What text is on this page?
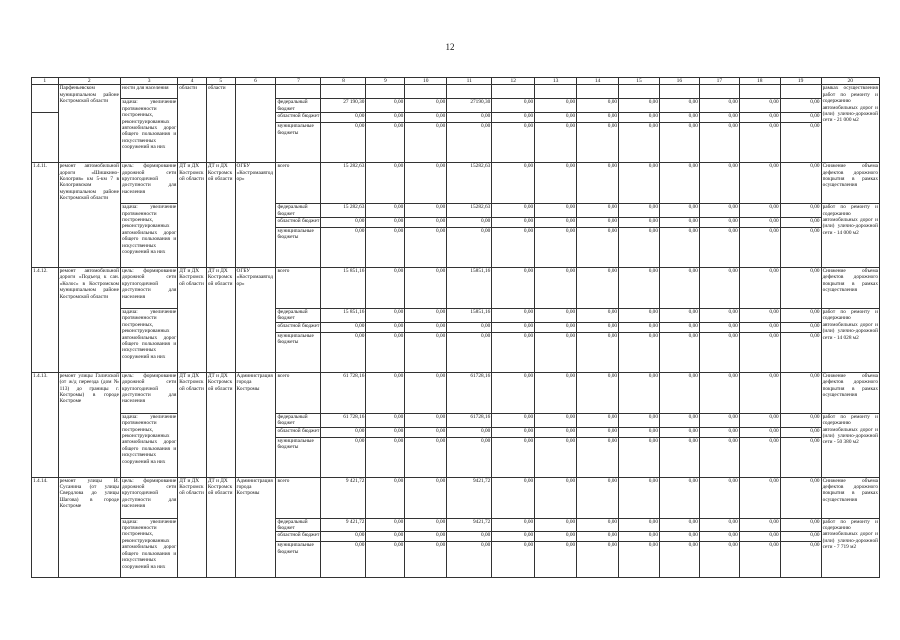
12
1	2	3	4	5	6	7	8	9	10	11	12	13	14	15	16	17	18	19	20
	Парфеньевском муниципальном районе Костромской области	ности для населения	области	области															рамках осуществления работ по ремонту и содержанию автомобильных дорог и (или) улично-дорожной сети - 21 000 м2
		задача: увеличение протяженности построенных, реконструированных автомобильных дорог общего пользования и искусственных сооружений на них				федеральный бюджет	27 190,30	0,00	0,00	27190,30	0,00	0,00	0,00	0,00	0,00	0,00	0,00	0,00	
						областной бюджет	0,00	0,00	0,00	0,00	0,00	0,00	0,00	0,00	0,00	0,00	0,00	0,00	
						муниципальные бюджеты	0,00	0,00	0,00	0,00	0,00	0,00	0,00	0,00	0,00	0,00	0,00	0,00	
1.4.11.	ремонт автомобильной дороги «Шишкино-Кологрив» км 5-км 7 в Кологривском муниципальном районе Костромской области	цель: формирование дорожной сети круглогодичной доступности для населения	ДТ и ДХ Костромской области	ДТ и ДХ Костромской области	ОГБУ «Костромаавтодор»	всего	15 282,63	0,00	0,00	15282,63	0,00	0,00	0,00	0,00	0,00	0,00	0,00	0,00	Снижение объема дефектов дорожного покрытия в рамках осуществления
		задача: увеличение протяженности построенных, реконструированных автомобильных дорог общего пользования и искусственных сооружений на них				федеральный бюджет	15 282,63	0,00	0,00	15282,63	0,00	0,00	0,00	0,00	0,00	0,00	0,00	0,00	работ по ремонту и содержанию автомобильных дорог и (или) улично-дорожной сети - 14 000 м2
						областной бюджет	0,00	0,00	0,00	0,00	0,00	0,00	0,00	0,00	0,00	0,00	0,00	0,00	
						муниципальные бюджеты	0,00	0,00	0,00	0,00	0,00	0,00	0,00	0,00	0,00	0,00	0,00	0,00	
1.4.12.	ремонт автомобильной дороги «Подъезд к сан. «Колос» в Костромском муниципальном районе Костромской области	цель: формирование дорожной сети круглогодичной доступности для населения	ДТ и ДХ Костромской области	ДТ и ДХ Костромской области	ОГБУ «Костромаавтодор»	всего	15 851,16	0,00	0,00	15851,16	0,00	0,00	0,00	0,00	0,00	0,00	0,00	0,00	Снижение объема дефектов дорожного покрытия в рамках осуществления
		задача: увеличение протяженности построенных, реконструированных автомобильных дорог общего пользования и искусственных сооружений на них				федеральный бюджет	15 851,16	0,00	0,00	15851,16	0,00	0,00	0,00	0,00	0,00	0,00	0,00	0,00	работ по ремонту и содержанию автомобильных дорог и (или) улично-дорожной сети - 14 028 м2
						областной бюджет	0,00	0,00	0,00	0,00	0,00	0,00	0,00	0,00	0,00	0,00	0,00	0,00	
						муниципальные бюджеты	0,00	0,00	0,00	0,00	0,00	0,00	0,00	0,00	0,00	0,00	0,00	0,00	
1.4.13.	ремонт улицы Галичской (от ж/д переезда (дом № 113) до границы г. Костромы) в городе Костроме	цель: формирование дорожной сети круглогодичной доступности для населения	ДТ и ДХ Костромской области	ДТ и ДХ Костромской области	Администрация города Костромы	всего	61 728,16	0,00	0,00	61728,16	0,00	0,00	0,00	0,00	0,00	0,00	0,00	0,00	Снижение объема дефектов дорожного покрытия в рамках осуществления
		задача: увеличение протяженности построенных, реконструированных автомобильных дорог общего пользования и искусственных сооружений на них				федеральный бюджет	61 728,16	0,00	0,00	61728,16	0,00	0,00	0,00	0,00	0,00	0,00	0,00	0,00	работ по ремонту и содержанию автомобильных дорог и (или) улично-дорожной сети - 50 380 м2
						областной бюджет	0,00	0,00	0,00	0,00	0,00	0,00	0,00	0,00	0,00	0,00	0,00	0,00	
						муниципальные бюджеты	0,00	0,00	0,00	0,00	0,00	0,00	0,00	0,00	0,00	0,00	0,00	0,00	
1.4.14.	ремонт улицы И. Сусанина (от улицы Свердлова до улицы Шагова) в городе Костроме	цель: формирование дорожной сети круглогодичной доступности для населения	ДТ и ДХ Костромской области	ДТ и ДХ Костромской области	Администрация города Костромы	всего	9 421,72	0,00	0,00	9421,72	0,00	0,00	0,00	0,00	0,00	0,00	0,00	0,00	Снижение объема дефектов дорожного покрытия в рамках осуществления
		задача: увеличение протяженности построенных, реконструированных автомобильных дорог общего пользования и искусственных сооружений на них				федеральный бюджет	9 421,72	0,00	0,00	9421,72	0,00	0,00	0,00	0,00	0,00	0,00	0,00	0,00	работ по ремонту и содержанию автомобильных дорог и (или) улично-дорожной сети - 7 719 м2
						областной бюджет	0,00	0,00	0,00	0,00	0,00	0,00	0,00	0,00	0,00	0,00	0,00	0,00	
						муниципальные бюджеты	0,00	0,00	0,00	0,00	0,00	0,00	0,00	0,00	0,00	0,00	0,00	0,00	
